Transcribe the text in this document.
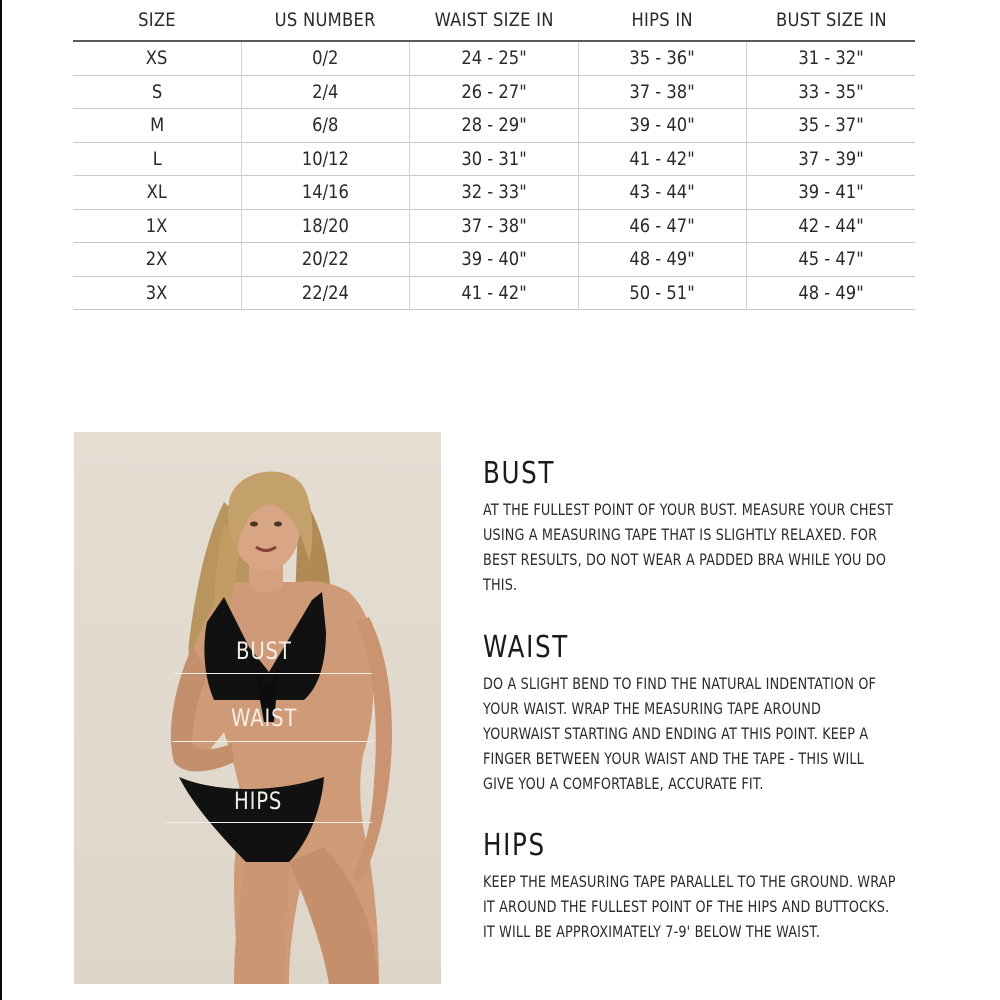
SIZE	US NUMBER	WAIST SIZE IN	HIPS IN	BUST SIZE IN
XS	0/2	24 - 25"	35 - 36"	31 - 32"
S	2/4	26 - 27"	37 - 38"	33 - 35"
M	6/8	28 - 29"	39 - 40"	35 - 37"
L	10/12	30 - 31"	41 - 42"	37 - 39"
XL	14/16	32 - 33"	43 - 44"	39 - 41"
1X	18/20	37 - 38"	46 - 47"	42 - 44"
2X	20/22	39 - 40"	48 - 49"	45 - 47"
3X	22/24	41 - 42"	50 - 51"	48 - 49"
BUST
WAIST
HIPS
BUST

AT THE FULLEST POINT OF YOUR BUST. MEASURE YOUR CHEST USING A MEASURING TAPE THAT IS SLIGHTLY RELAXED. FOR BEST RESULTS, DO NOT WEAR A PADDED BRA WHILE YOU DO THIS.

WAIST

DO A SLIGHT BEND TO FIND THE NATURAL INDENTATION OF YOUR WAIST. WRAP THE MEASURING TAPE AROUND YOURWAIST STARTING AND ENDING AT THIS POINT. KEEP A FINGER BETWEEN YOUR WAIST AND THE TAPE - THIS WILL GIVE YOU A COMFORTABLE, ACCURATE FIT.

HIPS

KEEP THE MEASURING TAPE PARALLEL TO THE GROUND. WRAP IT AROUND THE FULLEST POINT OF THE HIPS AND BUTTOCKS. IT WILL BE APPROXIMATELY 7-9' BELOW THE WAIST.
